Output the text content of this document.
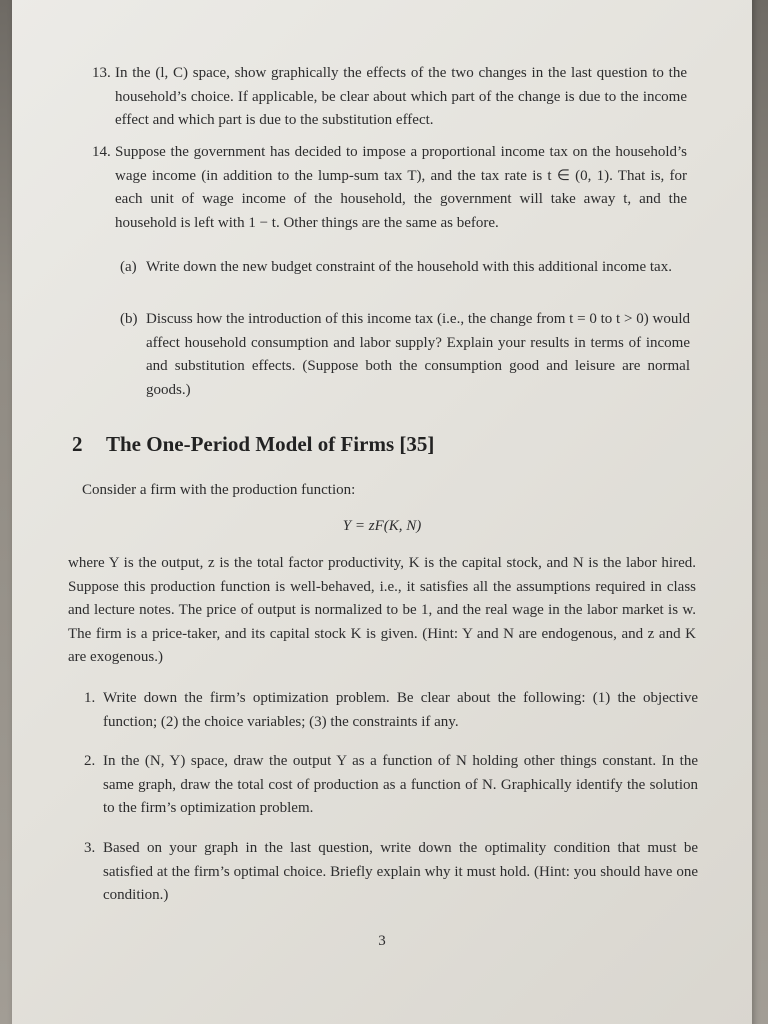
13. In the (l, C) space, show graphically the effects of the two changes in the last question to the household’s choice. If applicable, be clear about which part of the change is due to the income effect and which part is due to the substitution effect.
14. Suppose the government has decided to impose a proportional income tax on the household’s wage income (in addition to the lump-sum tax T), and the tax rate is t ∈ (0, 1). That is, for each unit of wage income of the household, the government will take away t, and the household is left with 1 − t. Other things are the same as before.
(a) Write down the new budget constraint of the household with this additional income tax.
(b) Discuss how the introduction of this income tax (i.e., the change from t = 0 to t > 0) would affect household consumption and labor supply? Explain your results in terms of income and substitution effects. (Suppose both the consumption good and leisure are normal goods.)
2 The One-Period Model of Firms [35]
Consider a firm with the production function:
Y = zF(K, N)
where Y is the output, z is the total factor productivity, K is the capital stock, and N is the labor hired. Suppose this production function is well-behaved, i.e., it satisfies all the assumptions required in class and lecture notes. The price of output is normalized to be 1, and the real wage in the labor market is w. The firm is a price-taker, and its capital stock K is given. (Hint: Y and N are endogenous, and z and K are exogenous.)
1. Write down the firm’s optimization problem. Be clear about the following: (1) the objective function; (2) the choice variables; (3) the constraints if any.
2. In the (N, Y) space, draw the output Y as a function of N holding other things constant. In the same graph, draw the total cost of production as a function of N. Graphically identify the solution to the firm’s optimization problem.
3. Based on your graph in the last question, write down the optimality condition that must be satisfied at the firm’s optimal choice. Briefly explain why it must hold. (Hint: you should have one condition.)
3
